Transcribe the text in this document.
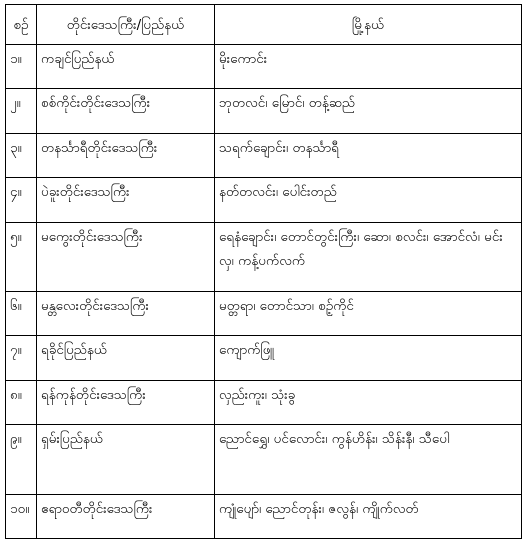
စဉ်	တိုင်းဒေသကြီး/ပြည်နယ်	မြို့နယ်
၁။	ကချင်ပြည်နယ်	မိုးကောင်း
၂။	စစ်ကိုင်းတိုင်းဒေသကြီး	ဘုတလင်၊ မြောင်၊ တန့်ဆည်
၃။	တနင်္သာရီတိုင်းဒေသကြီး	သရက်ချောင်း၊ တနင်္သာရီ
၄။	ပဲခူးတိုင်းဒေသကြီး	နတ်တလင်း၊ ပေါင်းတည်
၅။	မကွေးတိုင်းဒေသကြီး	ရေနံချောင်း၊ တောင်တွင်းကြီး၊ ဆော၊ စလင်း၊ အောင်လံ၊ မင်းလှ၊ ကန့်ပက်လက်
၆။	မန္တလေးတိုင်းဒေသကြီး	မတ္တရာ၊ တောင်သာ၊ စဉ့်ကိုင်
၇။	ရခိုင်ပြည်နယ်	ကျောက်ဖြူ
၈။	ရန်ကုန်တိုင်းဒေသကြီး	လှည်းကူး၊ သုံးခွ
၉။	ရှမ်းပြည်နယ်	ညောင်ရွှေ၊ ပင်လောင်း၊ ကွန်ဟိန်း၊ သိန်းနီ၊ သီပေါ
၁၀။	ဧရာဝတီတိုင်းဒေသကြီး	ကျုံပျော်၊ ညောင်တုန်း၊ ဇလွန်၊ ကျိုက်လတ်
